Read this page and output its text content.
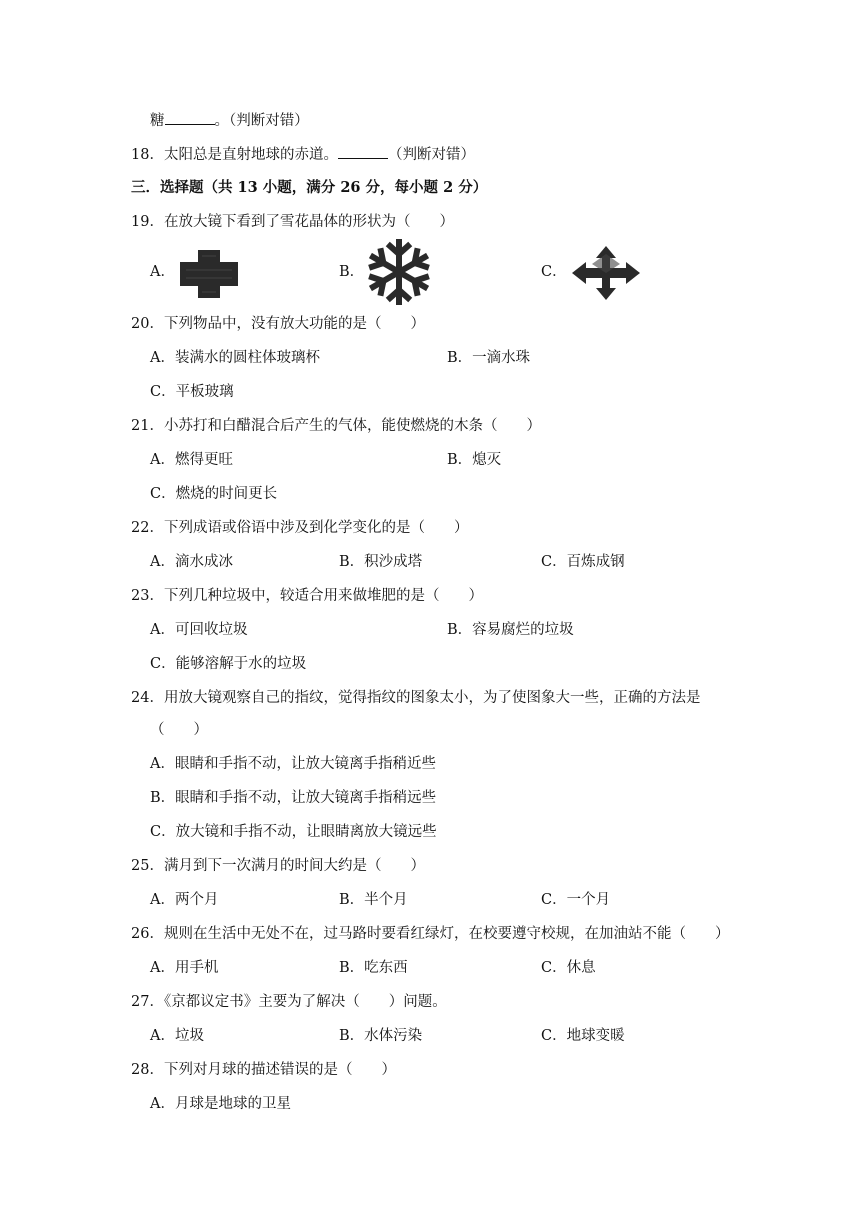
糖	。（判断对错）
18．太阳总是直射地球的赤道。	（判断对错）
三．选择题（共 13 小题，满分 26 分，每小题 2 分）
19．在放大镜下看到了雪花晶体的形状为（　　）
A．	B．	C．
20．下列物品中，没有放大功能的是（　　）
A．装满水的圆柱体玻璃杯	B．一滴水珠
C．平板玻璃
21．小苏打和白醋混合后产生的气体，能使燃烧的木条（　　）
A．燃得更旺	B．熄灭
C．燃烧的时间更长
22．下列成语或俗语中涉及到化学变化的是（　　）
A．滴水成冰	B．积沙成塔	C．百炼成钢
23．下列几种垃圾中，较适合用来做堆肥的是（　　）
A．可回收垃圾	B．容易腐烂的垃圾
C．能够溶解于水的垃圾
24．用放大镜观察自己的指纹，觉得指纹的图象太小，为了使图象大一些，正确的方法是
（　　）
A．眼睛和手指不动，让放大镜离手指稍近些
B．眼睛和手指不动，让放大镜离手指稍远些
C．放大镜和手指不动，让眼睛离放大镜远些
25．满月到下一次满月的时间大约是（　　）
A．两个月	B．半个月	C．一个月
26．规则在生活中无处不在，过马路时要看红绿灯，在校要遵守校规，在加油站不能（　　）
A．用手机	B．吃东西	C．休息
27．《京都议定书》主要为了解决（　　）问题。
A．垃圾	B．水体污染	C．地球变暖
28．下列对月球的描述错误的是（　　）
A．月球是地球的卫星
